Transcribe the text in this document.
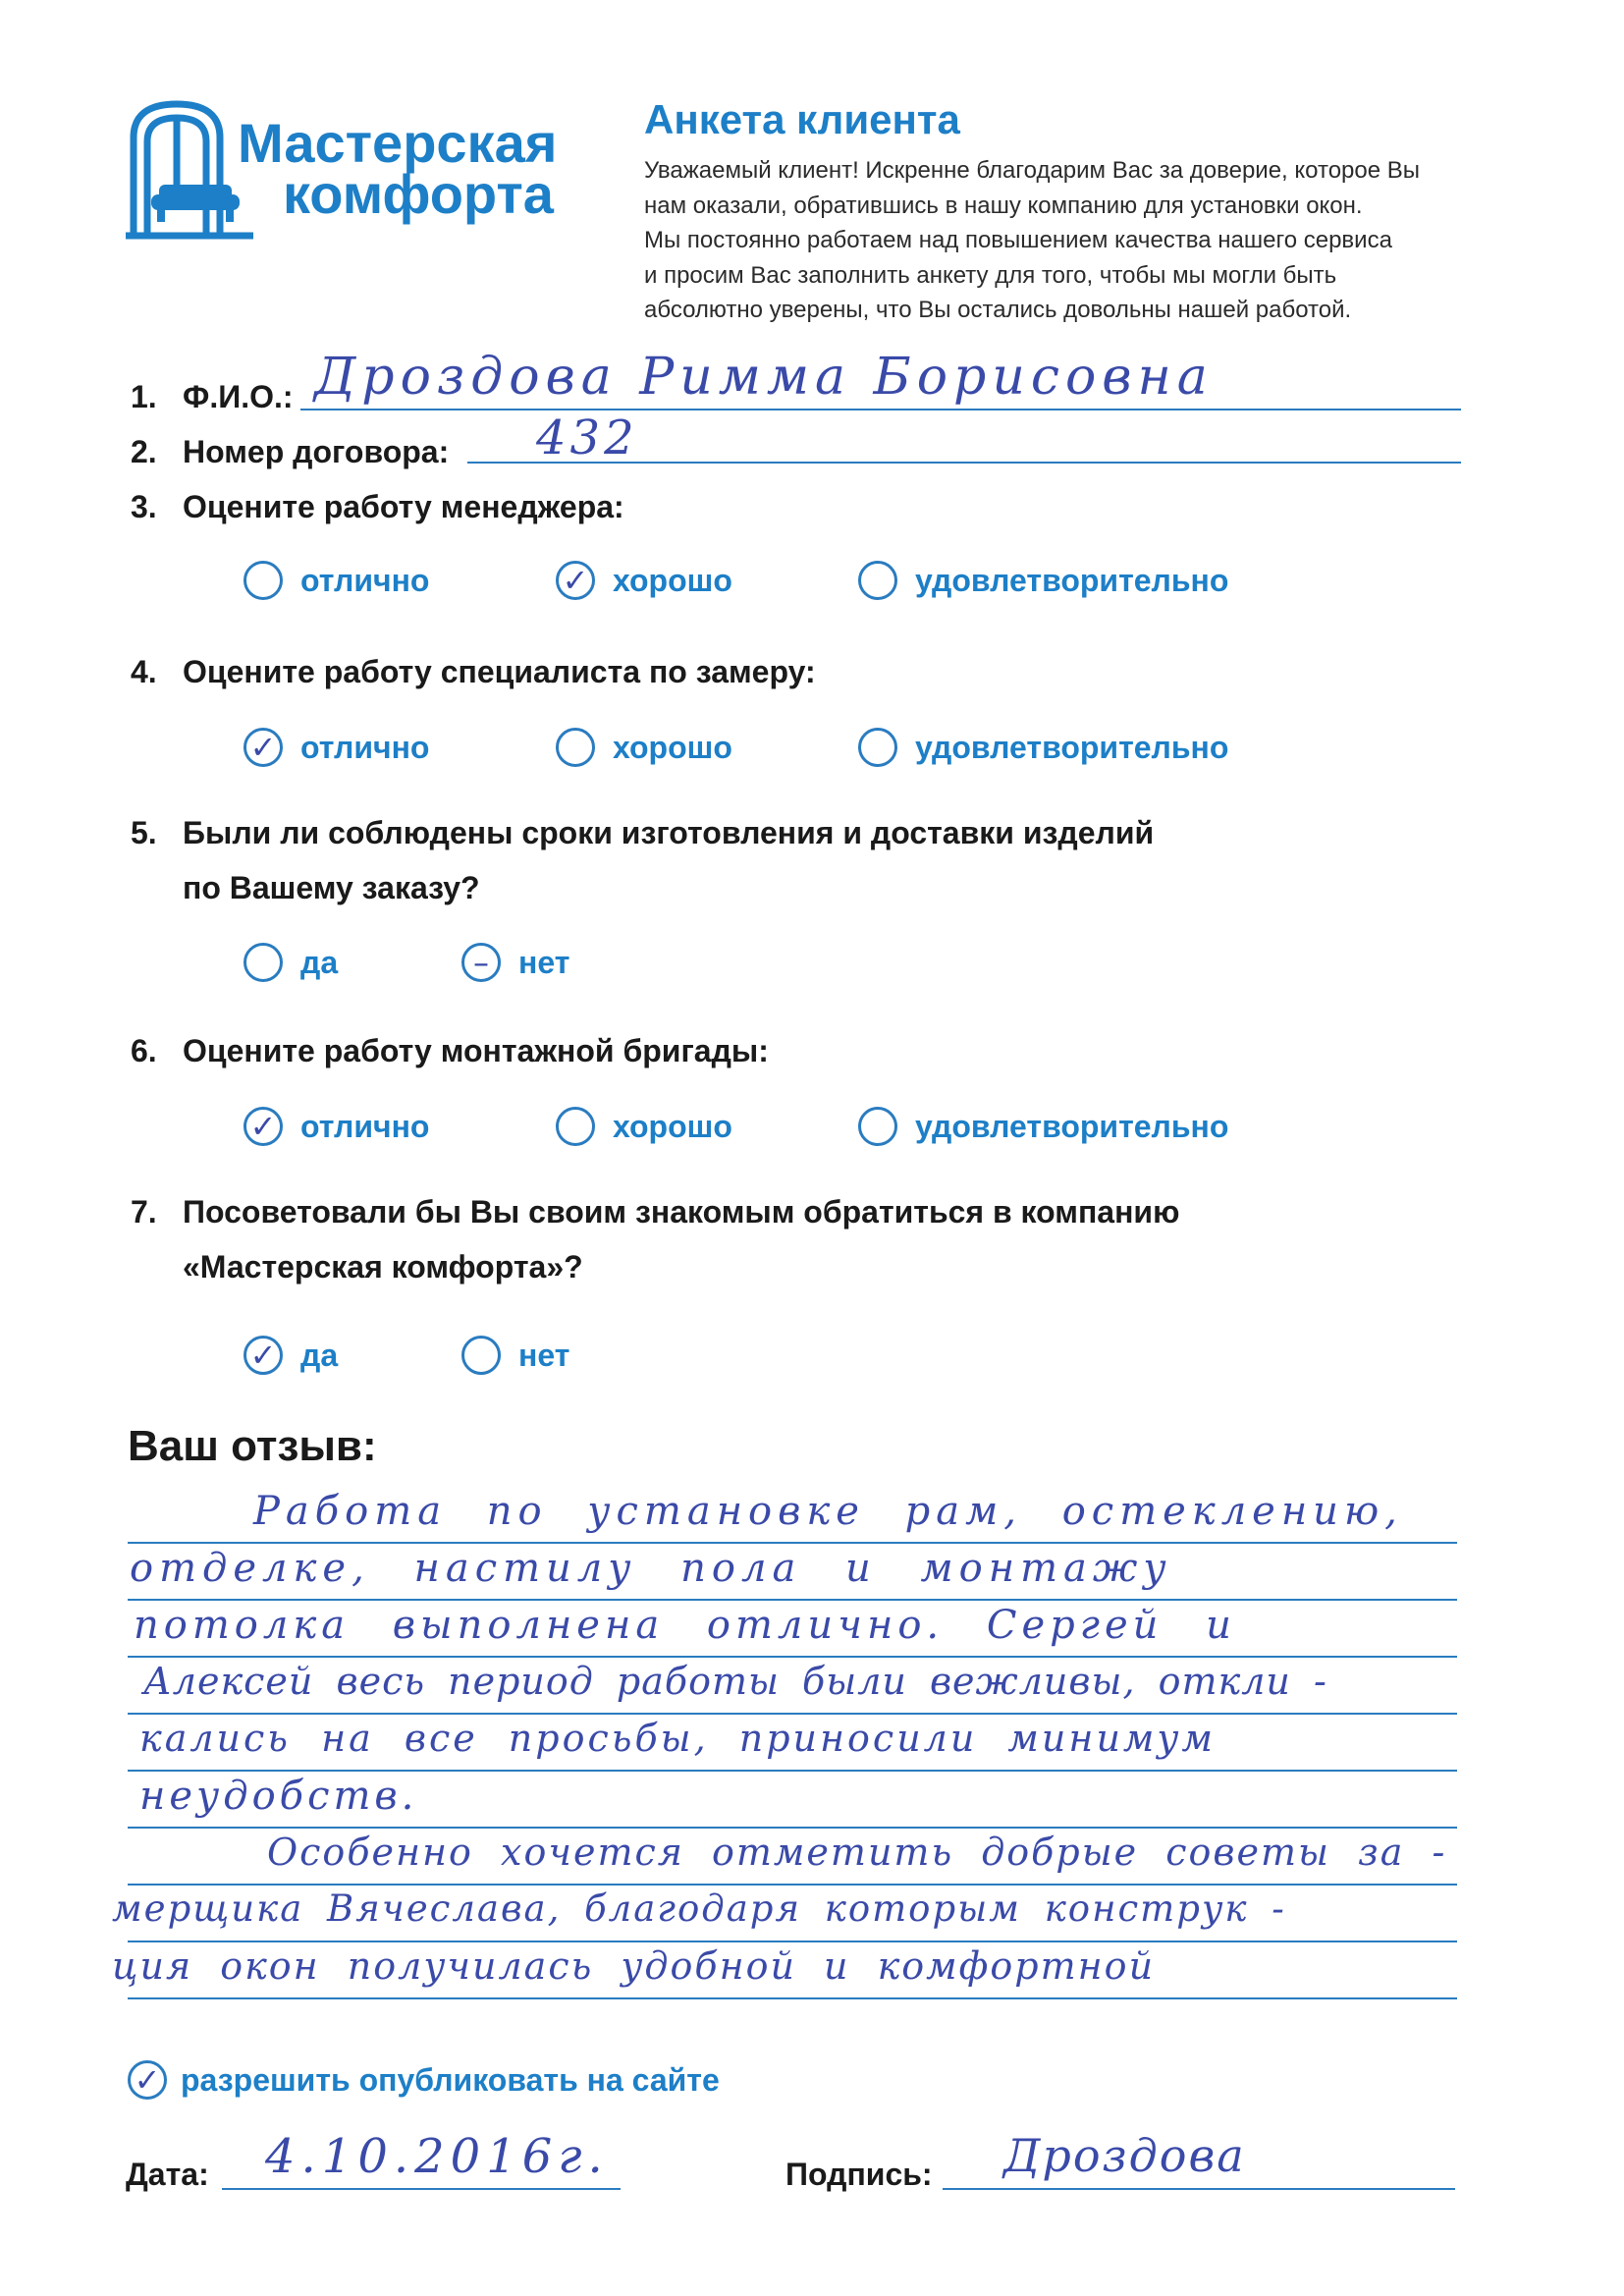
Мастерская
комфорта
Анкета клиента
Уважаемый клиент! Искренне благодарим Вас за доверие, которое Вы
нам оказали, обратившись в нашу компанию для установки окон.
Мы постоянно работаем над повышением качества нашего сервиса
и просим Вас заполнить анкету для того, чтобы мы могли быть
абсолютно уверены, что Вы остались довольны нашей работой.
1. Ф.И.О.: Дроздова Римма Борисовна
2. Номер договора: 432
3. Оцените работу менеджера:
отлично	✓ хорошо	удовлетворительно
4. Оцените работу специалиста по замеру:
✓ отлично	хорошо	удовлетворительно
5. Были ли соблюдены сроки изготовления и доставки изделий
по Вашему заказу?
да	– нет
6. Оцените работу монтажной бригады:
✓ отлично	хорошо	удовлетворительно
7. Посоветовали бы Вы своим знакомым обратиться в компанию
«Мастерская комфорта»?
✓ да	нет
Ваш отзыв:
Работа по установке рам, остеклению,
отделке, настилу пола и монтажу
потолка выполнена отлично. Сергей и
Алексей весь период работы были вежливы, откли -
кались на все просьбы, приносили минимум
неудобств.
Особенно хочется отметить добрые советы за -
мерщика Вячеслава, благодаря которым конструк -
ция окон получилась удобной и комфортной
✓ разрешить опубликовать на сайте
Дата: 4.10.2016г.	Подпись: Дроздова
